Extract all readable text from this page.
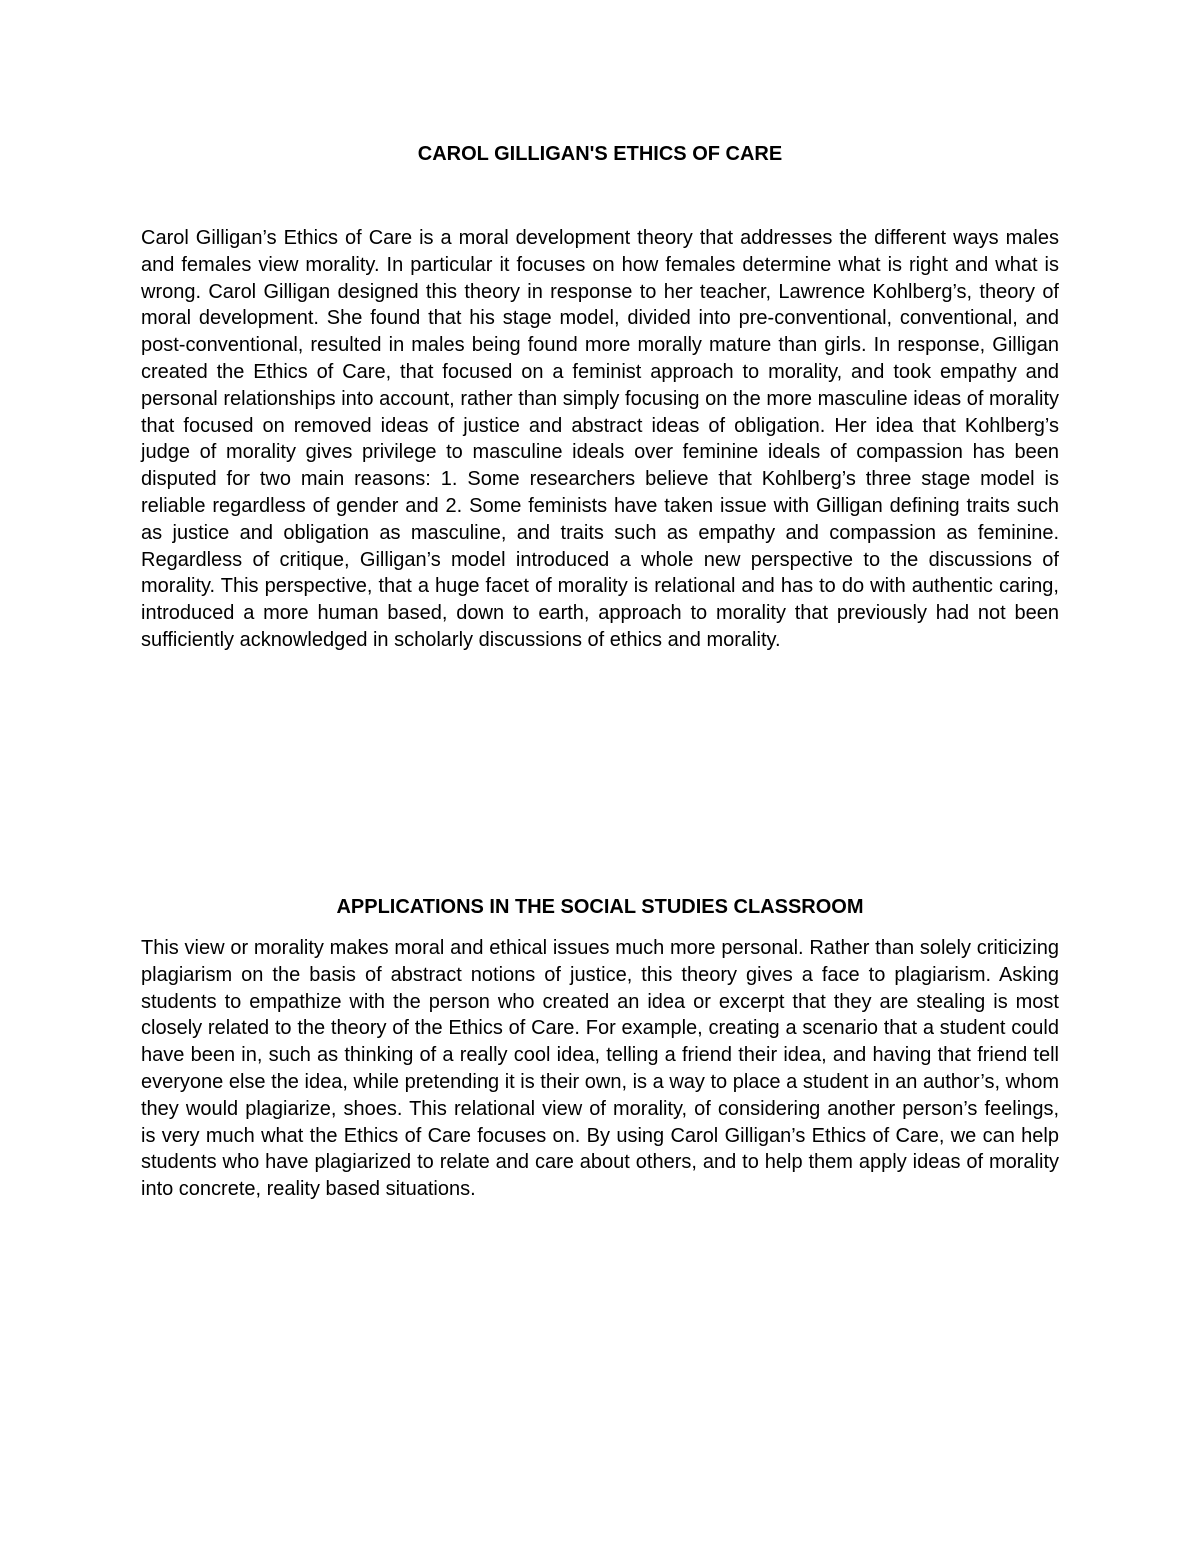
CAROL GILLIGAN'S ETHICS OF CARE

Carol Gilligan’s Ethics of Care is a moral development theory that addresses the different ways males and females view morality. In particular it focuses on how females determine what is right and what is wrong. Carol Gilligan designed this theory in response to her teacher, Lawrence Kohlberg’s, theory of moral development. She found that his stage model, divided into pre-conventional, conventional, and post-conventional, resulted in males being found more morally mature than girls. In response, Gilligan created the Ethics of Care, that focused on a feminist approach to morality, and took empathy and personal relationships into account, rather than simply focusing on the more masculine ideas of morality that focused on removed ideas of justice and abstract ideas of obligation. Her idea that Kohlberg’s judge of morality gives privilege to masculine ideals over feminine ideals of compassion has been disputed for two main reasons: 1. Some researchers believe that Kohlberg’s three stage model is reliable regardless of gender and 2. Some feminists have taken issue with Gilligan defining traits such as justice and obligation as masculine, and traits such as empathy and compassion as feminine. Regardless of critique, Gilligan’s model introduced a whole new perspective to the discussions of morality. This perspective, that a huge facet of morality is relational and has to do with authentic caring, introduced a more human based, down to earth, approach to morality that previously had not been sufficiently acknowledged in scholarly discussions of ethics and morality.

APPLICATIONS IN THE SOCIAL STUDIES CLASSROOM

This view or morality makes moral and ethical issues much more personal. Rather than solely criticizing plagiarism on the basis of abstract notions of justice, this theory gives a face to plagiarism. Asking students to empathize with the person who created an idea or excerpt that they are stealing is most closely related to the theory of the Ethics of Care. For example, creating a scenario that a student could have been in, such as thinking of a really cool idea, telling a friend their idea, and having that friend tell everyone else the idea, while pretending it is their own, is a way to place a student in an author’s, whom they would plagiarize, shoes. This relational view of morality, of considering another person’s feelings, is very much what the Ethics of Care focuses on. By using Carol Gilligan’s Ethics of Care, we can help students who have plagiarized to relate and care about others, and to help them apply ideas of morality into concrete, reality based situations.
